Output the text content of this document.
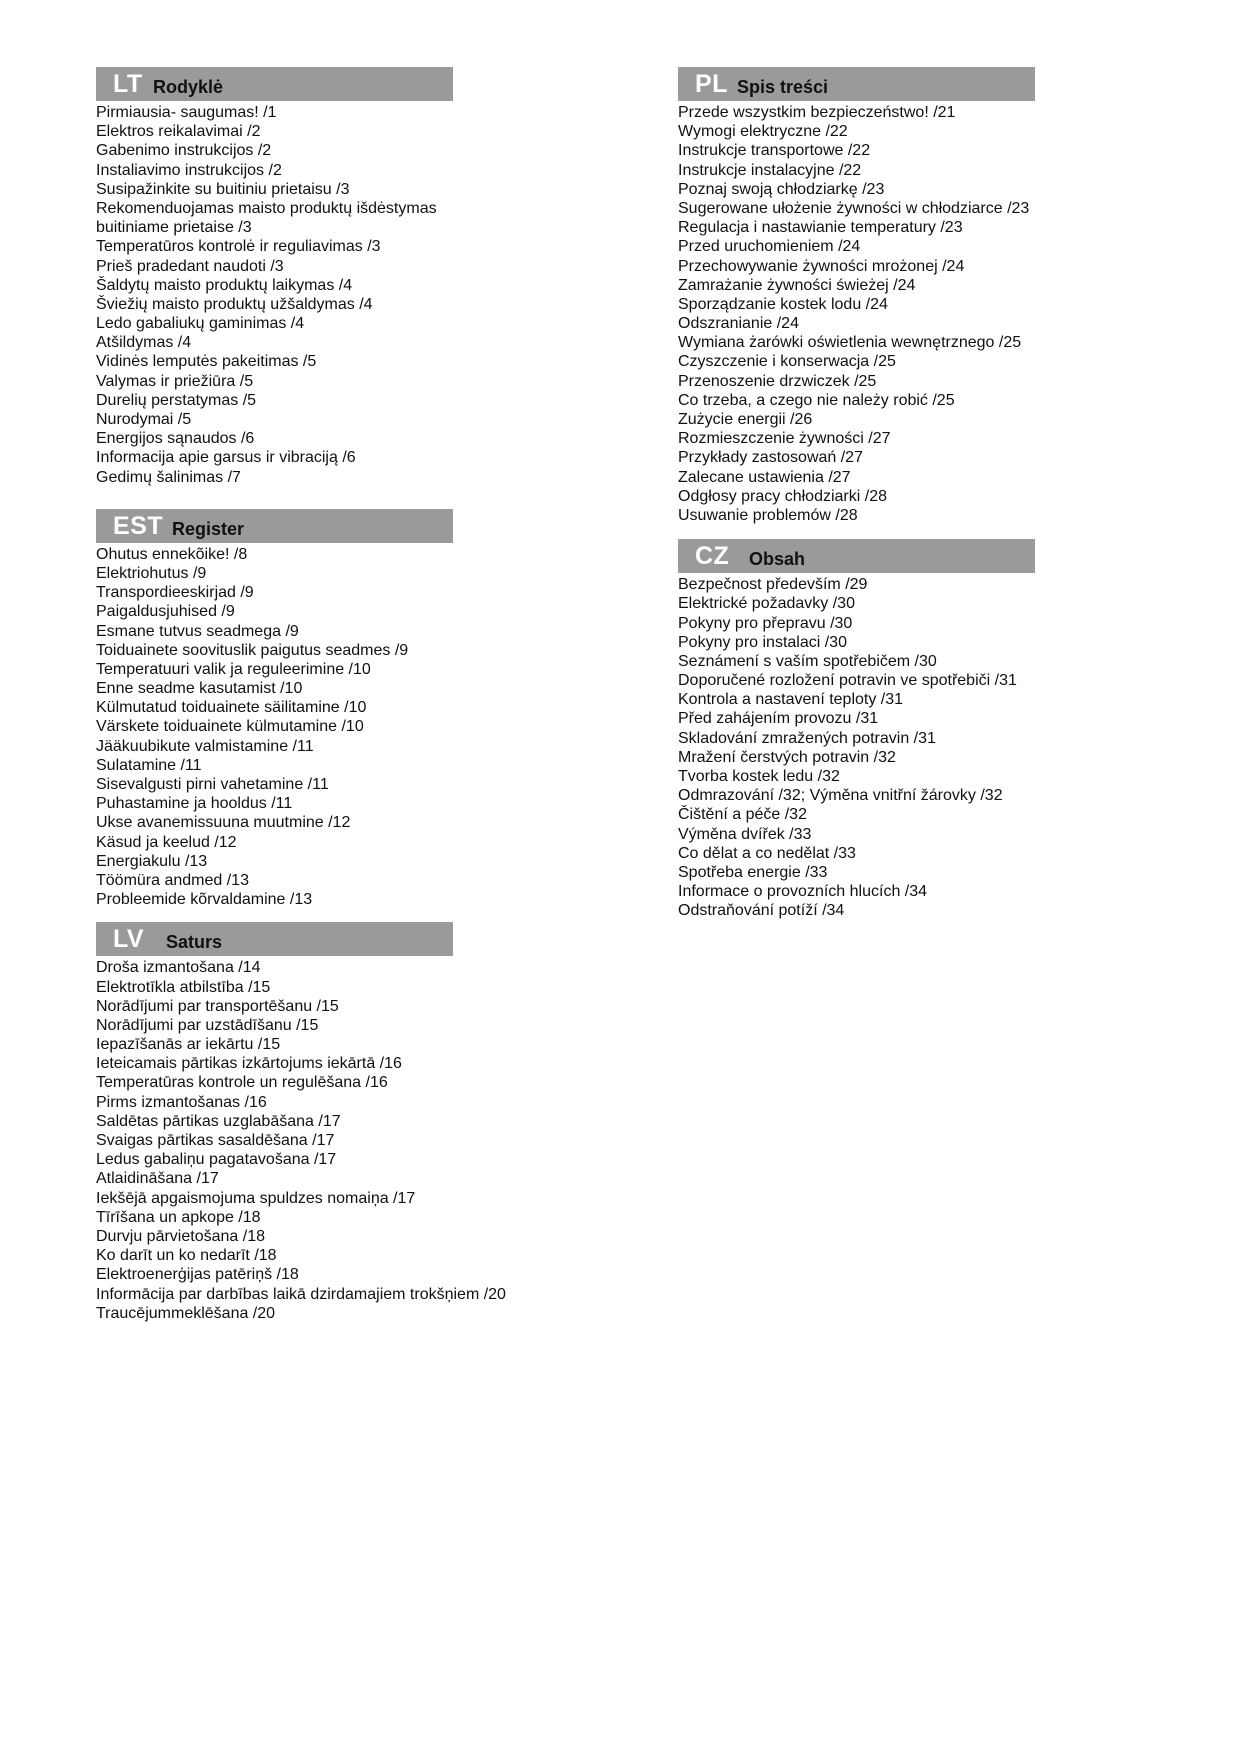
LT Rodyklė
Pirmiausia- saugumas! /1
Elektros reikalavimai /2
Gabenimo instrukcijos /2
Instaliavimo instrukcijos /2
Susipažinkite su buitiniu prietaisu /3
Rekomenduojamas maisto produktų išdėstymas
buitiniame prietaise /3
Temperatūros kontrolė ir reguliavimas /3
Prieš pradedant naudoti /3
Šaldytų maisto produktų laikymas /4
Šviežių maisto produktų užšaldymas /4
Ledo gabaliukų gaminimas /4
Atšildymas /4
Vidinės lemputės pakeitimas /5
Valymas ir priežiūra /5
Durelių perstatymas /5
Nurodymai /5
Energijos sąnaudos /6
Informacija apie garsus ir vibraciją /6
Gedimų šalinimas /7
EST Register
Ohutus ennekõike! /8
Elektriohutus /9
Transpordieeskirjad /9
Paigaldusjuhised /9
Esmane tutvus seadmega /9
Toiduainete soovituslik paigutus seadmes /9
Temperatuuri valik ja reguleerimine /10
Enne seadme kasutamist /10
Külmutatud toiduainete säilitamine /10
Värskete toiduainete külmutamine /10
Jääkuubikute valmistamine /11
Sulatamine /11
Sisevalgusti pirni vahetamine /11
Puhastamine ja hooldus /11
Ukse avanemissuuna muutmine /12
Käsud ja keelud /12
Energiakulu /13
Töömüra andmed /13
Probleemide kõrvaldamine /13
LV Saturs
Droša izmantošana /14
Elektrotīkla atbilstība /15
Norādījumi par transportēšanu /15
Norādījumi par uzstādīšanu /15
Iepazīšanās ar iekārtu /15
Ieteicamais pārtikas izkārtojums iekārtā /16
Temperatūras kontrole un regulēšana /16
Pirms izmantošanas /16
Saldētas pārtikas uzglabāšana /17
Svaigas pārtikas sasaldēšana /17
Ledus gabaliņu pagatavošana /17
Atlaidināšana /17
Iekšējā apgaismojuma spuldzes nomaiņa /17
Tīrīšana un apkope /18
Durvju pārvietošana /18
Ko darīt un ko nedarīt /18
Elektroenerģijas patēriņš /18
Informācija par darbības laikā dzirdamajiem trokšņiem /20
Traucējummeklēšana /20
PL Spis treści
Przede wszystkim bezpieczeństwo! /21
Wymogi elektryczne /22
Instrukcje transportowe /22
Instrukcje instalacyjne /22
Poznaj swoją chłodziarkę /23
Sugerowane ułożenie żywności w chłodziarce /23
Regulacja i nastawianie temperatury /23
Przed uruchomieniem /24
Przechowywanie żywności mrożonej /24
Zamrażanie żywności świeżej /24
Sporządzanie kostek lodu /24
Odszranianie /24
Wymiana żarówki oświetlenia wewnętrznego /25
Czyszczenie i konserwacja /25
Przenoszenie drzwiczek /25
Co trzeba, a czego nie należy robić /25
Zużycie energii /26
Rozmieszczenie żywności /27
Przykłady zastosowań /27
Zalecane ustawienia /27
Odgłosy pracy chłodziarki /28
Usuwanie problemów /28
CZ Obsah
Bezpečnost především /29
Elektrické požadavky /30
Pokyny pro přepravu /30
Pokyny pro instalaci /30
Seznámení s vaším spotřebičem /30
Doporučené rozložení potravin ve spotřebiči /31
Kontrola a nastavení teploty /31
Před zahájením provozu /31
Skladování zmražených potravin /31
Mražení čerstvých potravin /32
Tvorba kostek ledu /32
Odmrazování /32; Výměna vnitřní žárovky /32
Čištění a péče /32
Výměna dvířek /33
Co dělat a co nedělat /33
Spotřeba energie /33
Informace o provozních hlucích /34
Odstraňování potíží /34
